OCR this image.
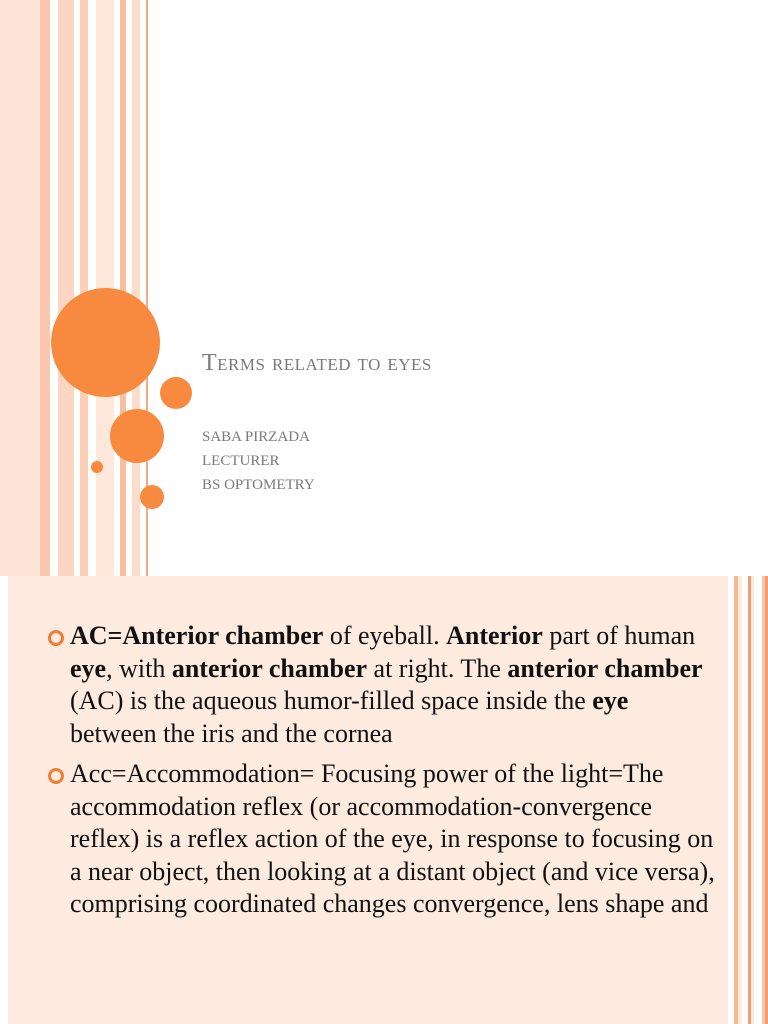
Terms related to eyes
SABA PIRZADA
LECTURER
BS OPTOMETRY
AC=Anterior chamber of eyeball. Anterior part of human eye, with anterior chamber at right. The anterior chamber (AC) is the aqueous humor-filled space inside the eye between the iris and the cornea
Acc=Accommodation= Focusing power of the light=The accommodation reflex (or accommodation-convergence reflex) is a reflex action of the eye, in response to focusing on a near object, then looking at a distant object (and vice versa), comprising coordinated changes convergence, lens shape and
